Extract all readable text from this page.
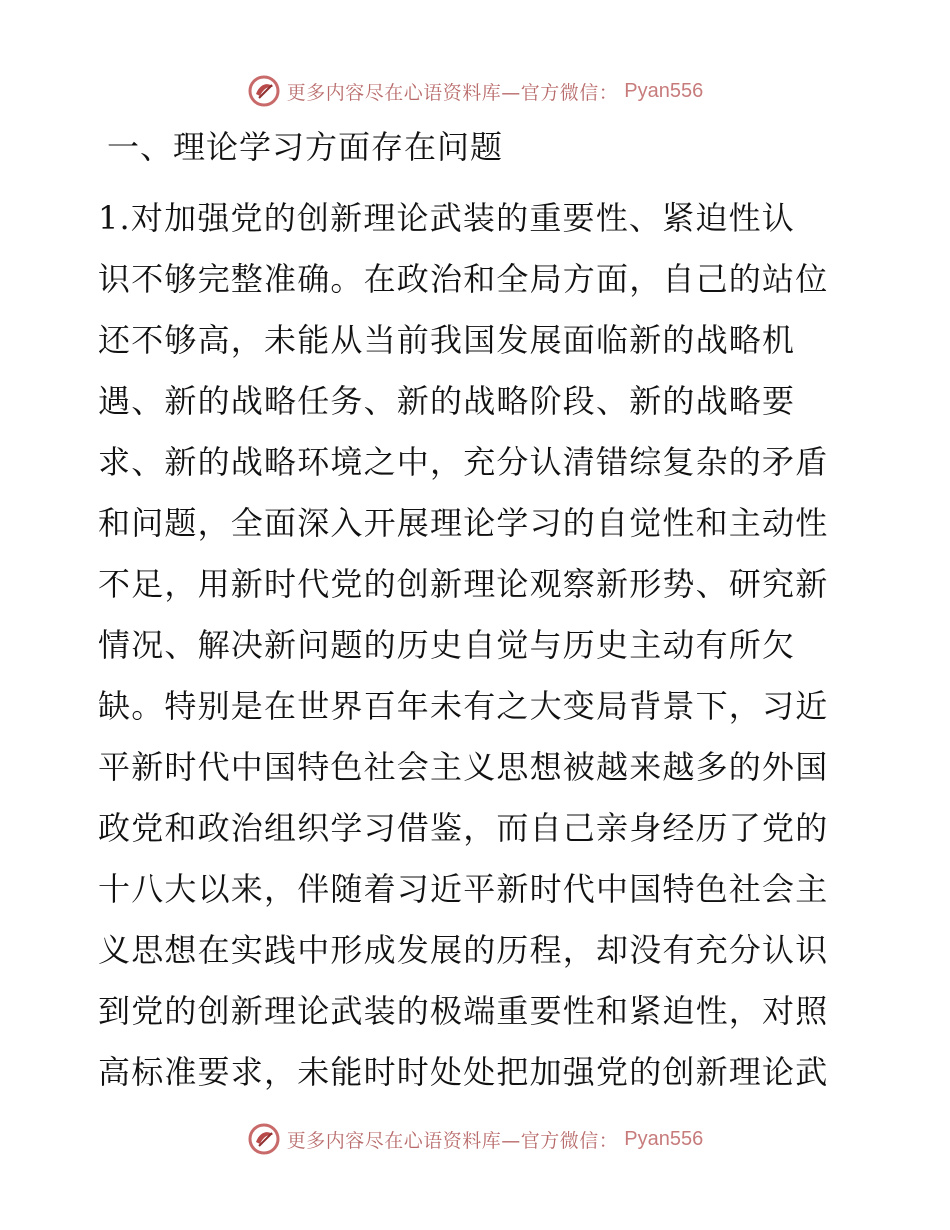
更多内容尽在心语资料库—官方微信： Pyan556
一、理论学习方面存在问题
1.对加强党的创新理论武装的重要性、紧迫性认
识不够完整准确。在政治和全局方面，自己的站位
还不够高，未能从当前我国发展面临新的战略机
遇、新的战略任务、新的战略阶段、新的战略要
求、新的战略环境之中，充分认清错综复杂的矛盾
和问题，全面深入开展理论学习的自觉性和主动性
不足，用新时代党的创新理论观察新形势、研究新
情况、解决新问题的历史自觉与历史主动有所欠
缺。特别是在世界百年未有之大变局背景下，习近
平新时代中国特色社会主义思想被越来越多的外国
政党和政治组织学习借鉴，而自己亲身经历了党的
十八大以来，伴随着习近平新时代中国特色社会主
义思想在实践中形成发展的历程，却没有充分认识
到党的创新理论武装的极端重要性和紧迫性，对照
高标准要求，未能时时处处把加强党的创新理论武
更多内容尽在心语资料库—官方微信： Pyan556
